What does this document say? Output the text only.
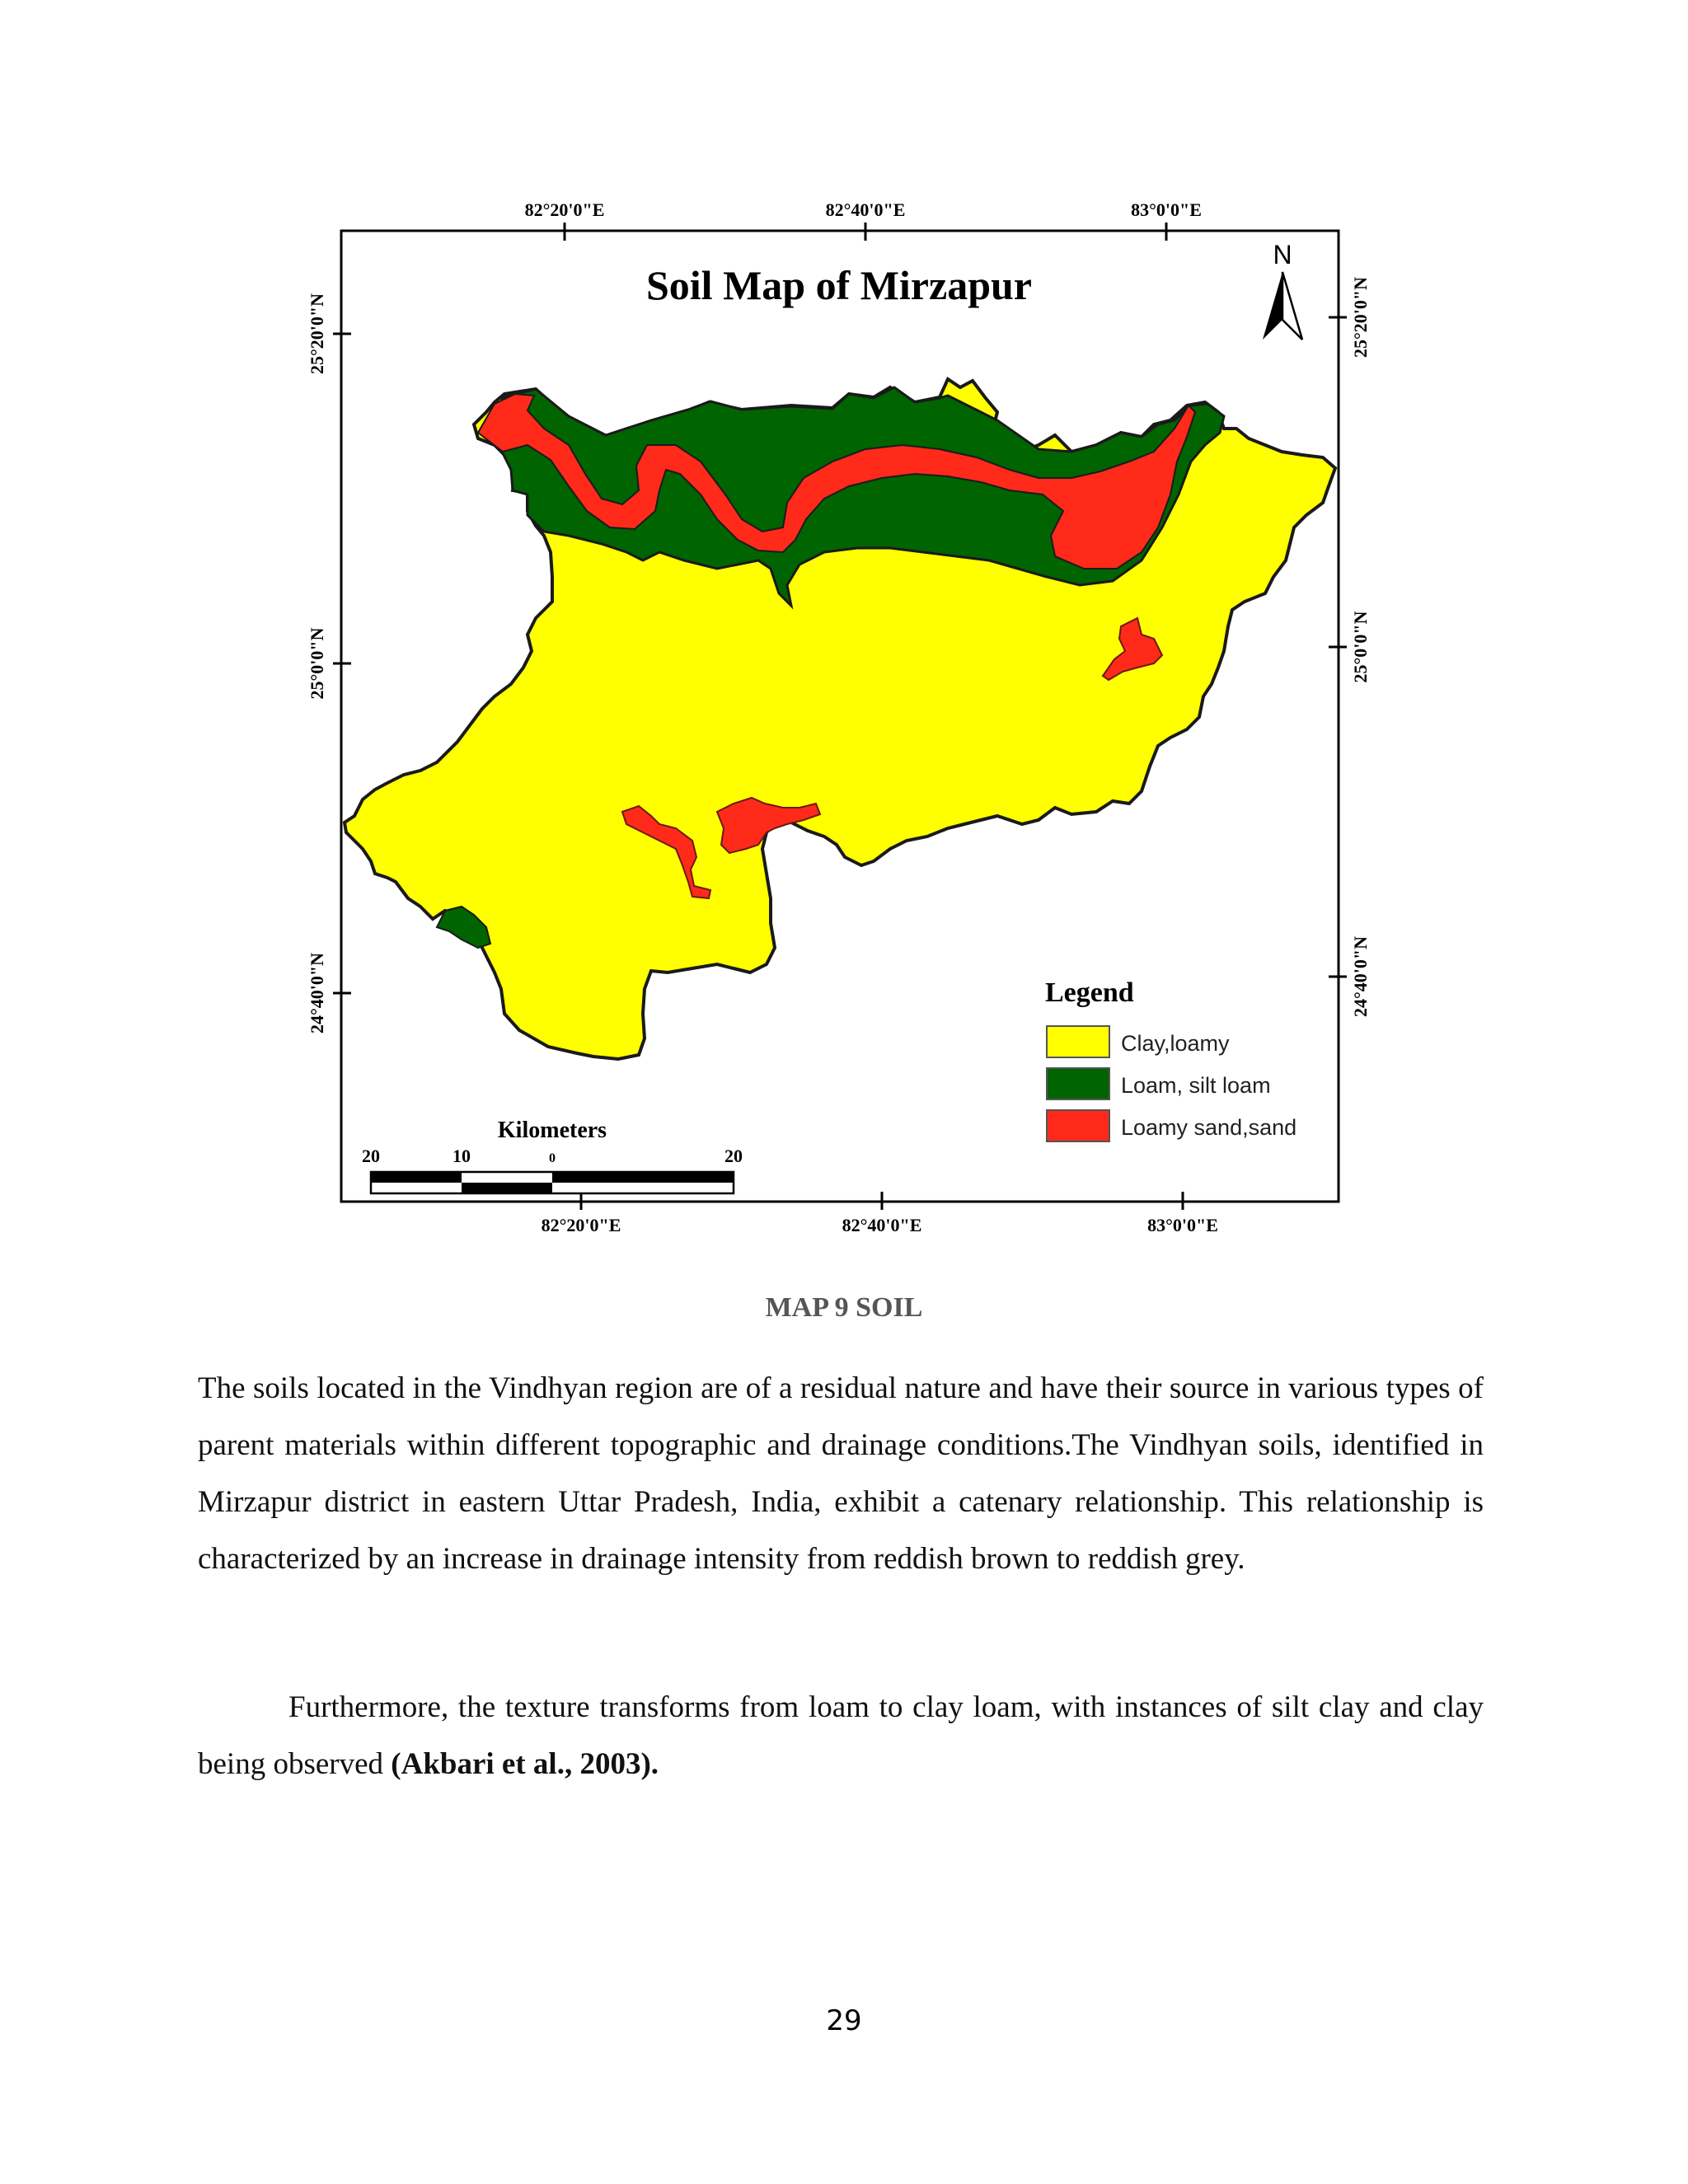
82°20'0"E	82°40'0"E	83°0'0"E
82°20'0"E	82°40'0"E	83°0'0"E
25°20'0"N
25°0'0"N
24°40'0"N
25°20'0"N
25°0'0"N
24°40'0"N
Soil Map of Mirzapur
N
Legend
Clay,loamy
Loam, silt loam
Loamy sand,sand
Kilometers
20	10	0	20
MAP 9 SOIL

The soils located in the Vindhyan region are of a residual nature and have their source in various types of parent materials within different topographic and drainage conditions.The Vindhyan soils, identified in Mirzapur district in eastern Uttar Pradesh, India, exhibit a catenary relationship. This relationship is characterized by an increase in drainage intensity from reddish brown to reddish grey.

Furthermore, the texture transforms from loam to clay loam, with instances of silt clay and clay being observed (Akbari et al., 2003).

29
